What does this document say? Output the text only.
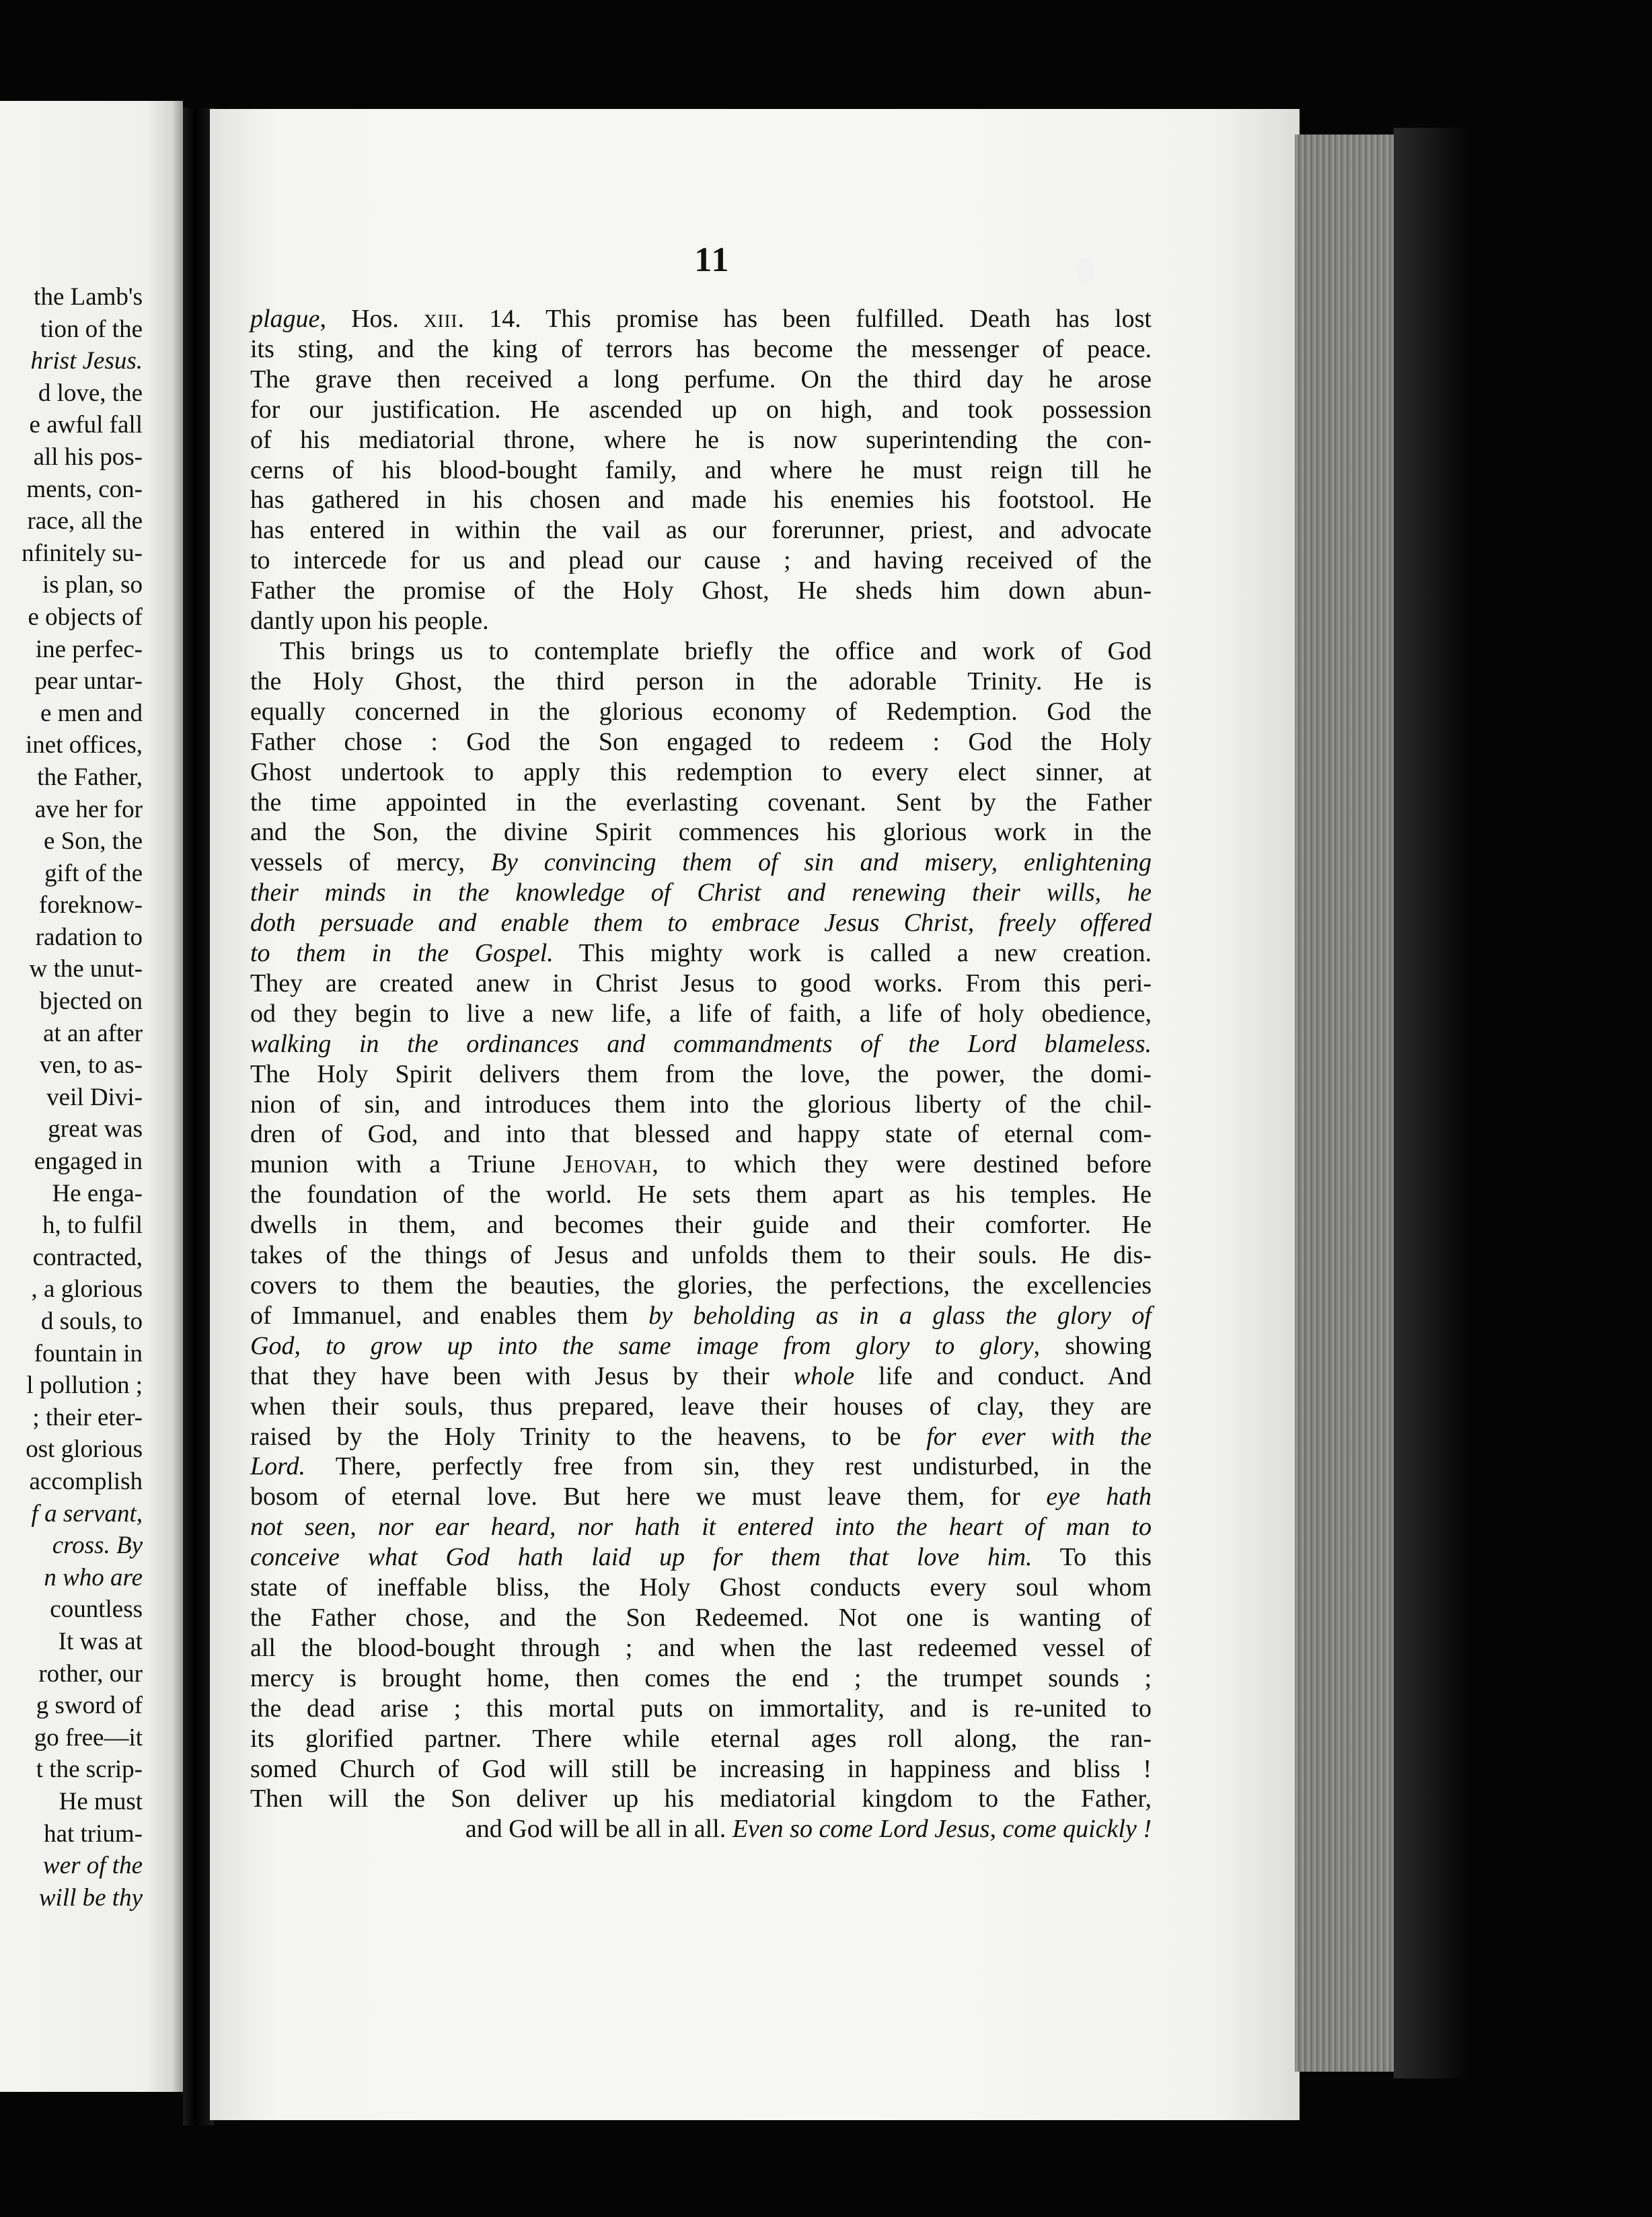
the Lamb's
tion of the
hrist Jesus.
d love, the
e awful fall
all his pos-
ments, con-
race, all the
nfinitely su-
is plan, so
e objects of
ine perfec-
pear untar-
e men and
inet offices,
the Father,
ave her for
e Son, the
gift of the
foreknow-
radation to
w the unut-
bjected on
at an after
ven, to as-
veil Divi-
great was
engaged in
He enga-
h, to fulfil
contracted,
, a glorious
d souls, to
fountain in
l pollution ;
; their eter-
ost glorious
accomplish
f a servant,
cross. By
n who are
countless
It was at
rother, our
g sword of
go free—it
t the scrip-
He must
hat trium-
wer of the
will be thy
11
plague, Hos. xiii. 14. This promise has been fulfilled. Death has lost
its sting, and the king of terrors has become the messenger of peace.
The grave then received a long perfume. On the third day he arose
for our justification. He ascended up on high, and took possession
of his mediatorial throne, where he is now superintending the con-
cerns of his blood-bought family, and where he must reign till he
has gathered in his chosen and made his enemies his footstool. He
has entered in within the vail as our forerunner, priest, and advocate
to intercede for us and plead our cause ; and having received of the
Father the promise of the Holy Ghost, He sheds him down abun-
dantly upon his people.
This brings us to contemplate briefly the office and work of God
the Holy Ghost, the third person in the adorable Trinity. He is
equally concerned in the glorious economy of Redemption. God the
Father chose : God the Son engaged to redeem : God the Holy
Ghost undertook to apply this redemption to every elect sinner, at
the time appointed in the everlasting covenant. Sent by the Father
and the Son, the divine Spirit commences his glorious work in the
vessels of mercy, By convincing them of sin and misery, enlightening
their minds in the knowledge of Christ and renewing their wills, he
doth persuade and enable them to embrace Jesus Christ, freely offered
to them in the Gospel. This mighty work is called a new creation.
They are created anew in Christ Jesus to good works. From this peri-
od they begin to live a new life, a life of faith, a life of holy obedience,
walking in the ordinances and commandments of the Lord blameless.
The Holy Spirit delivers them from the love, the power, the domi-
nion of sin, and introduces them into the glorious liberty of the chil-
dren of God, and into that blessed and happy state of eternal com-
munion with a Triune Jehovah, to which they were destined before
the foundation of the world. He sets them apart as his temples. He
dwells in them, and becomes their guide and their comforter. He
takes of the things of Jesus and unfolds them to their souls. He dis-
covers to them the beauties, the glories, the perfections, the excellencies
of Immanuel, and enables them by beholding as in a glass the glory of
God, to grow up into the same image from glory to glory, showing
that they have been with Jesus by their whole life and conduct. And
when their souls, thus prepared, leave their houses of clay, they are
raised by the Holy Trinity to the heavens, to be for ever with the
Lord. There, perfectly free from sin, they rest undisturbed, in the
bosom of eternal love. But here we must leave them, for eye hath
not seen, nor ear heard, nor hath it entered into the heart of man to
conceive what God hath laid up for them that love him. To this
state of ineffable bliss, the Holy Ghost conducts every soul whom
the Father chose, and the Son Redeemed. Not one is wanting of
all the blood-bought through ; and when the last redeemed vessel of
mercy is brought home, then comes the end ; the trumpet sounds ;
the dead arise ; this mortal puts on immortality, and is re-united to
its glorified partner. There while eternal ages roll along, the ran-
somed Church of God will still be increasing in happiness and bliss !
Then will the Son deliver up his mediatorial kingdom to the Father,
and God will be all in all. Even so come Lord Jesus, come quickly !
